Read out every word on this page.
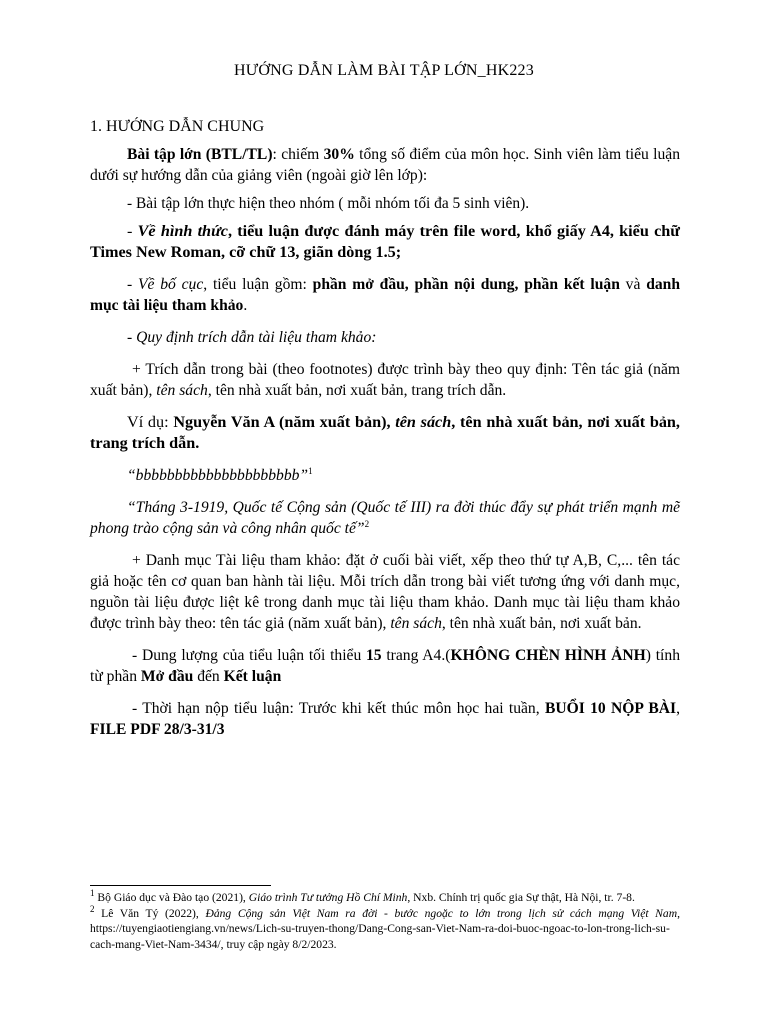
HƯỚNG DẪN LÀM BÀI TẬP LỚN_HK223
1. HƯỚNG DẪN CHUNG

Bài tập lớn (BTL/TL): chiếm 30% tổng số điểm của môn học. Sinh viên làm tiểu luận dưới sự hướng dẫn của giảng viên (ngoài giờ lên lớp):

- Bài tập lớn thực hiện theo nhóm ( mỗi nhóm tối đa 5 sinh viên).

- Về hình thức, tiểu luận được đánh máy trên file word, khổ giấy A4, kiểu chữ Times New Roman, cỡ chữ 13, giãn dòng 1.5;

- Về bố cục, tiểu luận gồm: phần mở đầu, phần nội dung, phần kết luận và danh mục tài liệu tham khảo.

- Quy định trích dẫn tài liệu tham khảo:

+ Trích dẫn trong bài (theo footnotes) được trình bày theo quy định: Tên tác giả (năm xuất bản), tên sách, tên nhà xuất bản, nơi xuất bản, trang trích dẫn.

Ví dụ: Nguyễn Văn A (năm xuất bản), tên sách, tên nhà xuất bản, nơi xuất bản, trang trích dẫn.

“bbbbbbbbbbbbbbbbbbbbb”$^1$

“Tháng 3-1919, Quốc tế Cộng sản (Quốc tế III) ra đời thúc đẩy sự phát triển mạnh mẽ phong trào cộng sản và công nhân quốc tế”$^2$

+ Danh mục Tài liệu tham khảo: đặt ở cuối bài viết, xếp theo thứ tự A,B, C,... tên tác giả hoặc tên cơ quan ban hành tài liệu. Mỗi trích dẫn trong bài viết tương ứng với danh mục, nguồn tài liệu được liệt kê trong danh mục tài liệu tham khảo. Danh mục tài liệu tham khảo được trình bày theo: tên tác giả (năm xuất bản), tên sách, tên nhà xuất bản, nơi xuất bản.

- Dung lượng của tiểu luận tối thiểu 15 trang A4.(KHÔNG CHÈN HÌNH ẢNH) tính từ phần Mở đầu đến Kết luận

- Thời hạn nộp tiểu luận: Trước khi kết thúc môn học hai tuần, BUỔI 10 NỘP BÀI, FILE PDF 28/3-31/3

$^1$ Bộ Giáo dục và Đào tạo (2021), Giáo trình Tư tưởng Hồ Chí Minh, Nxb. Chính trị quốc gia Sự thật, Hà Nội, tr. 7-8.

$^2$ Lê Văn Tý (2022), Đảng Cộng sản Việt Nam ra đời - bước ngoặc to lớn trong lịch sử cách mạng Việt Nam, https://tuyengiaotiengiang.vn/news/Lich-su-truyen-thong/Dang-Cong-san-Viet-Nam-ra-doi-buoc-ngoac-to-lon-trong-lich-su-cach-mang-Viet-Nam-3434/, truy cập ngày 8/2/2023.
